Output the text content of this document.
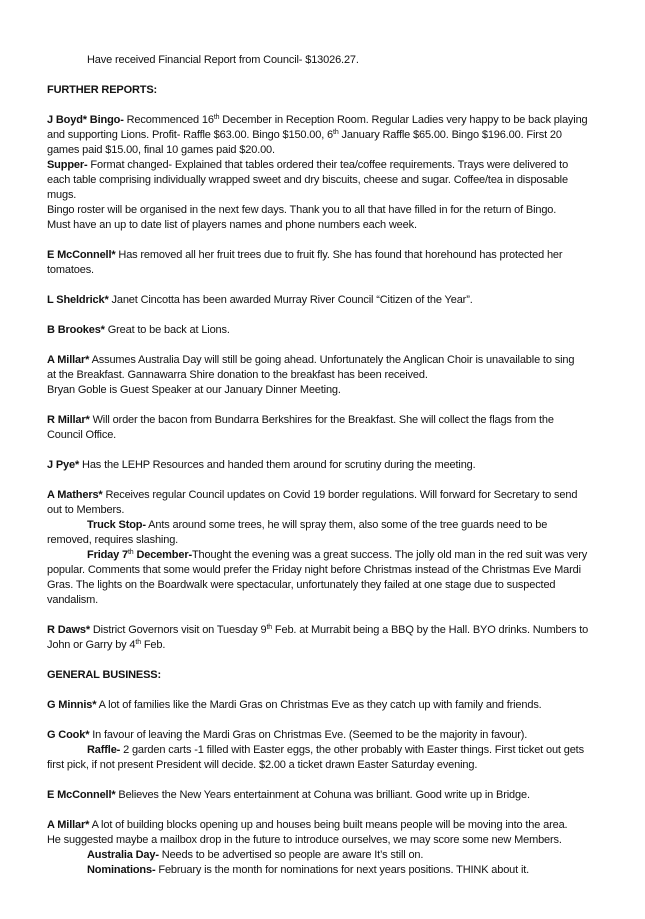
Have received Financial Report from Council- $13026.27.
FURTHER REPORTS:
J Boyd* Bingo- Recommenced 16th December in Reception Room. Regular Ladies very happy to be back playing
and supporting Lions. Profit- Raffle $63.00. Bingo $150.00, 6th January Raffle $65.00. Bingo $196.00. First 20
games paid $15.00, final 10 games paid $20.00.
Supper- Format changed- Explained that tables ordered their tea/coffee requirements. Trays were delivered to
each table comprising individually wrapped sweet and dry biscuits, cheese and sugar. Coffee/tea in disposable
mugs.
Bingo roster will be organised in the next few days. Thank you to all that have filled in for the return of Bingo.
Must have an up to date list of players names and phone numbers each week.
E McConnell* Has removed all her fruit trees due to fruit fly. She has found that horehound has protected her
tomatoes.
L Sheldrick* Janet Cincotta has been awarded Murray River Council “Citizen of the Year”.
B Brookes* Great to be back at Lions.
A Millar* Assumes Australia Day will still be going ahead. Unfortunately the Anglican Choir is unavailable to sing
at the Breakfast. Gannawarra Shire donation to the breakfast has been received.
Bryan Goble is Guest Speaker at our January Dinner Meeting.
R Millar* Will order the bacon from Bundarra Berkshires for the Breakfast. She will collect the flags from the
Council Office.
J Pye* Has the LEHP Resources and handed them around for scrutiny during the meeting.
A Mathers* Receives regular Council updates on Covid 19 border regulations. Will forward for Secretary to send
out to Members.
Truck Stop- Ants around some trees, he will spray them, also some of the tree guards need to be
removed, requires slashing.
Friday 7th December-Thought the evening was a great success. The jolly old man in the red suit was very
popular. Comments that some would prefer the Friday night before Christmas instead of the Christmas Eve Mardi
Gras. The lights on the Boardwalk were spectacular, unfortunately they failed at one stage due to suspected
vandalism.
R Daws* District Governors visit on Tuesday 9th Feb. at Murrabit being a BBQ by the Hall. BYO drinks. Numbers to
John or Garry by 4th Feb.
GENERAL BUSINESS:
G Minnis* A lot of families like the Mardi Gras on Christmas Eve as they catch up with family and friends.
G Cook* In favour of leaving the Mardi Gras on Christmas Eve. (Seemed to be the majority in favour).
Raffle- 2 garden carts -1 filled with Easter eggs, the other probably with Easter things. First ticket out gets
first pick, if not present President will decide. $2.00 a ticket drawn Easter Saturday evening.
E McConnell* Believes the New Years entertainment at Cohuna was brilliant. Good write up in Bridge.
A Millar* A lot of building blocks opening up and houses being built means people will be moving into the area.
He suggested maybe a mailbox drop in the future to introduce ourselves, we may score some new Members.
Australia Day- Needs to be advertised so people are aware It’s still on.
Nominations- February is the month for nominations for next years positions. THINK about it.
